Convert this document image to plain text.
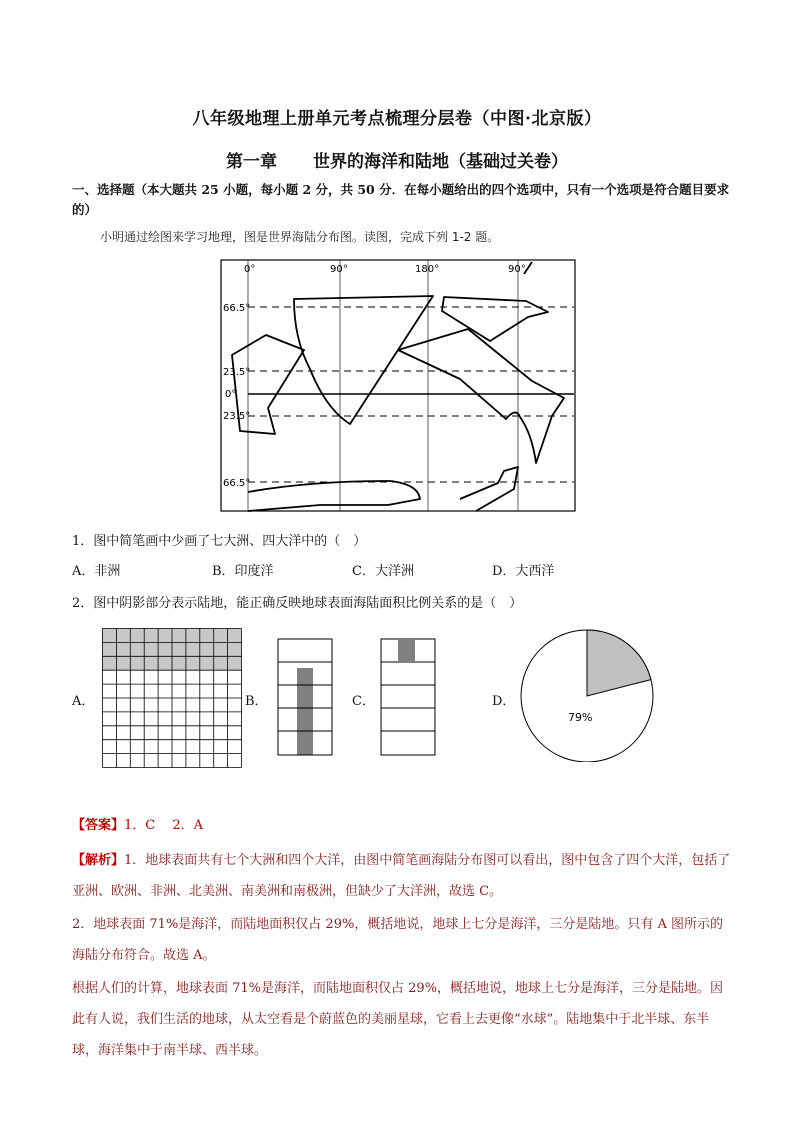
八年级地理上册单元考点梳理分层卷（中图·北京版）
第一章 世界的海洋和陆地（基础过关卷）
一、选择题（本大题共 25 小题，每小题 2 分，共 50 分．在每小题给出的四个选项中，只有一个选项是符合题目要求的）
小明通过绘图来学习地理，图是世界海陆分布图。读图，完成下列 1-2 题。
0°	90°	180°	90°
66.5°
23.5°
0°
23.5°
66.5°
1．图中简笔画中少画了七大洲、四大洋中的（　）
A．非洲	B．印度洋	C．大洋洲	D．大西洋
2．图中阴影部分表示陆地，能正确反映地球表面海陆面积比例关系的是（　）
A．	B．	C．	D．
79%
【答案】1．C　 2．A
【解析】1．地球表面共有七个大洲和四个大洋，由图中简笔画海陆分布图可以看出，图中包含了四个大洋，包括了亚洲、欧洲、非洲、北美洲、南美洲和南极洲，但缺少了大洋洲，故选 C。
2．地球表面 71%是海洋，而陆地面积仅占 29%，概括地说，地球上七分是海洋，三分是陆地。只有 A 图所示的海陆分布符合。故选 A。
根据人们的计算，地球表面 71%是海洋，而陆地面积仅占 29%，概括地说，地球上七分是海洋，三分是陆地。因此有人说，我们生活的地球，从太空看是个蔚蓝色的美丽星球，它看上去更像“水球”。陆地集中于北半球、东半球，海洋集中于南半球、西半球。
